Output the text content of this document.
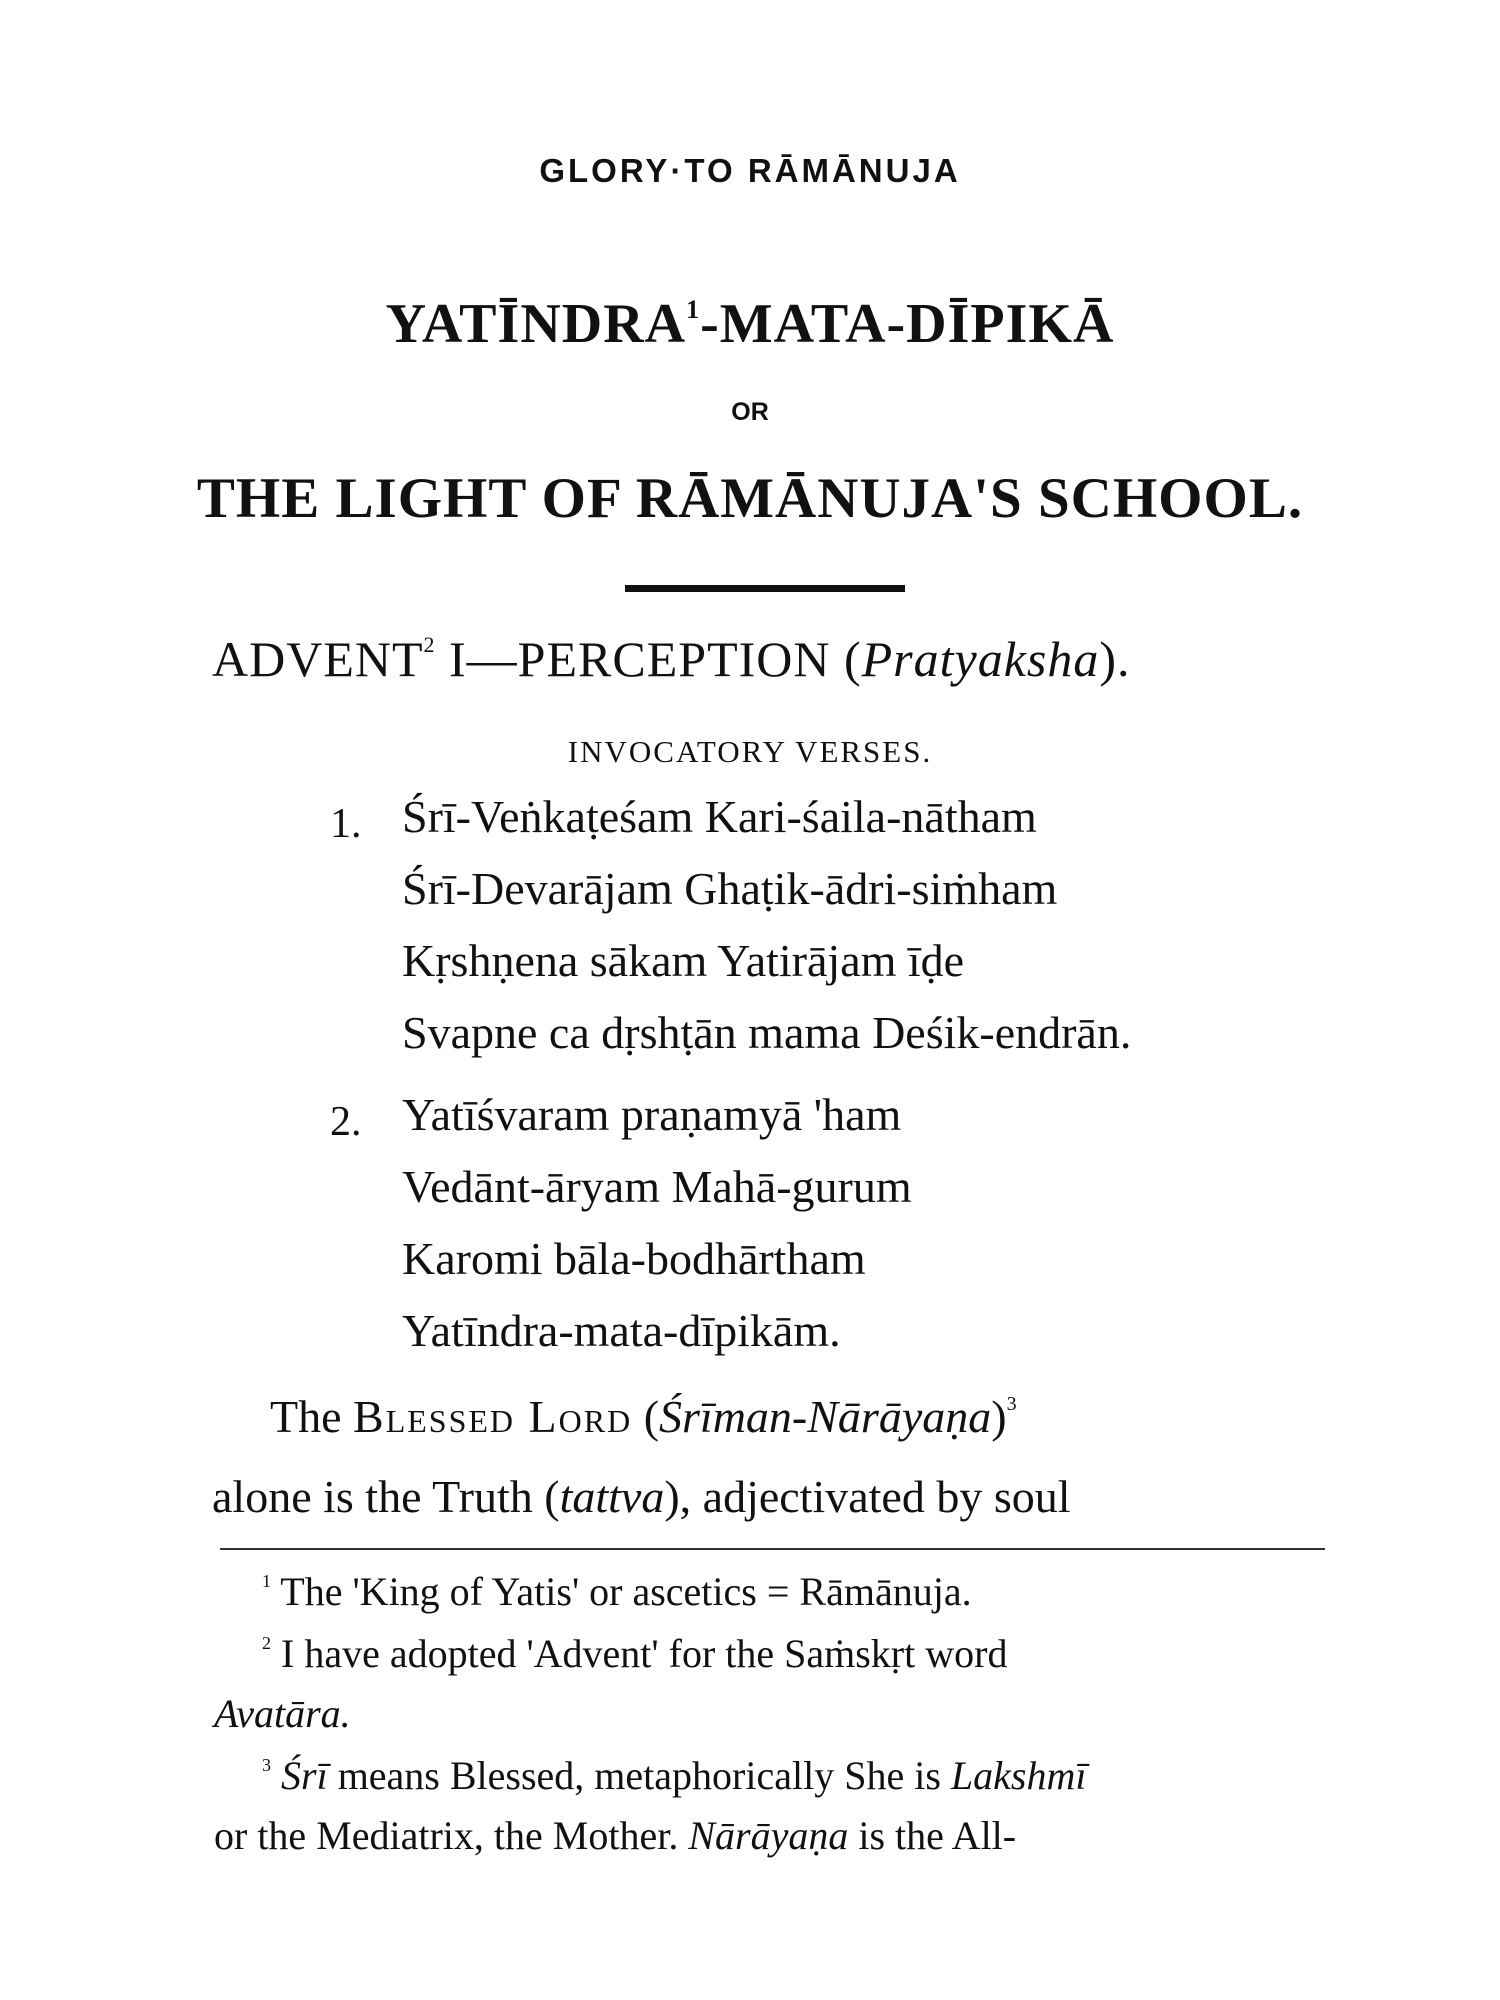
GLORY·TO RĀMĀNUJA
YATĪNDRA$^1$-MATA-DĪPIKĀ
OR
THE LIGHT OF RĀMĀNUJA'S SCHOOL.
ADVENT$^2$ I—PERCEPTION (Pratyaksha).
INVOCATORY VERSES.
1. Śrī-Veṅkaṭeśam Kari-śaila-nātham
Śrī-Devarājam Ghaṭik-ādri-siṁham
Kṛshṇena sākam Yatirājam īḍe
Svapne ca dṛshṭān mama Deśik-endrān.
2. Yatīśvaram praṇamyā 'ham
Vedānt-āryam Mahā-gurum
Karomi bāla-bodhārtham
Yatīndra-mata-dīpikām.
The Blessed Lord (Śrīman-Nārāyaṇa)$^3$
alone is the Truth (tattva), adjectivated by soul
$^1$ The 'King of Yatis' or ascetics = Rāmānuja.
$^2$ I have adopted 'Advent' for the Saṁskṛt word
Avatāra.
$^3$ Śrī means Blessed, metaphorically She is Lakshmī
or the Mediatrix, the Mother. Nārāyaṇa is the All-
